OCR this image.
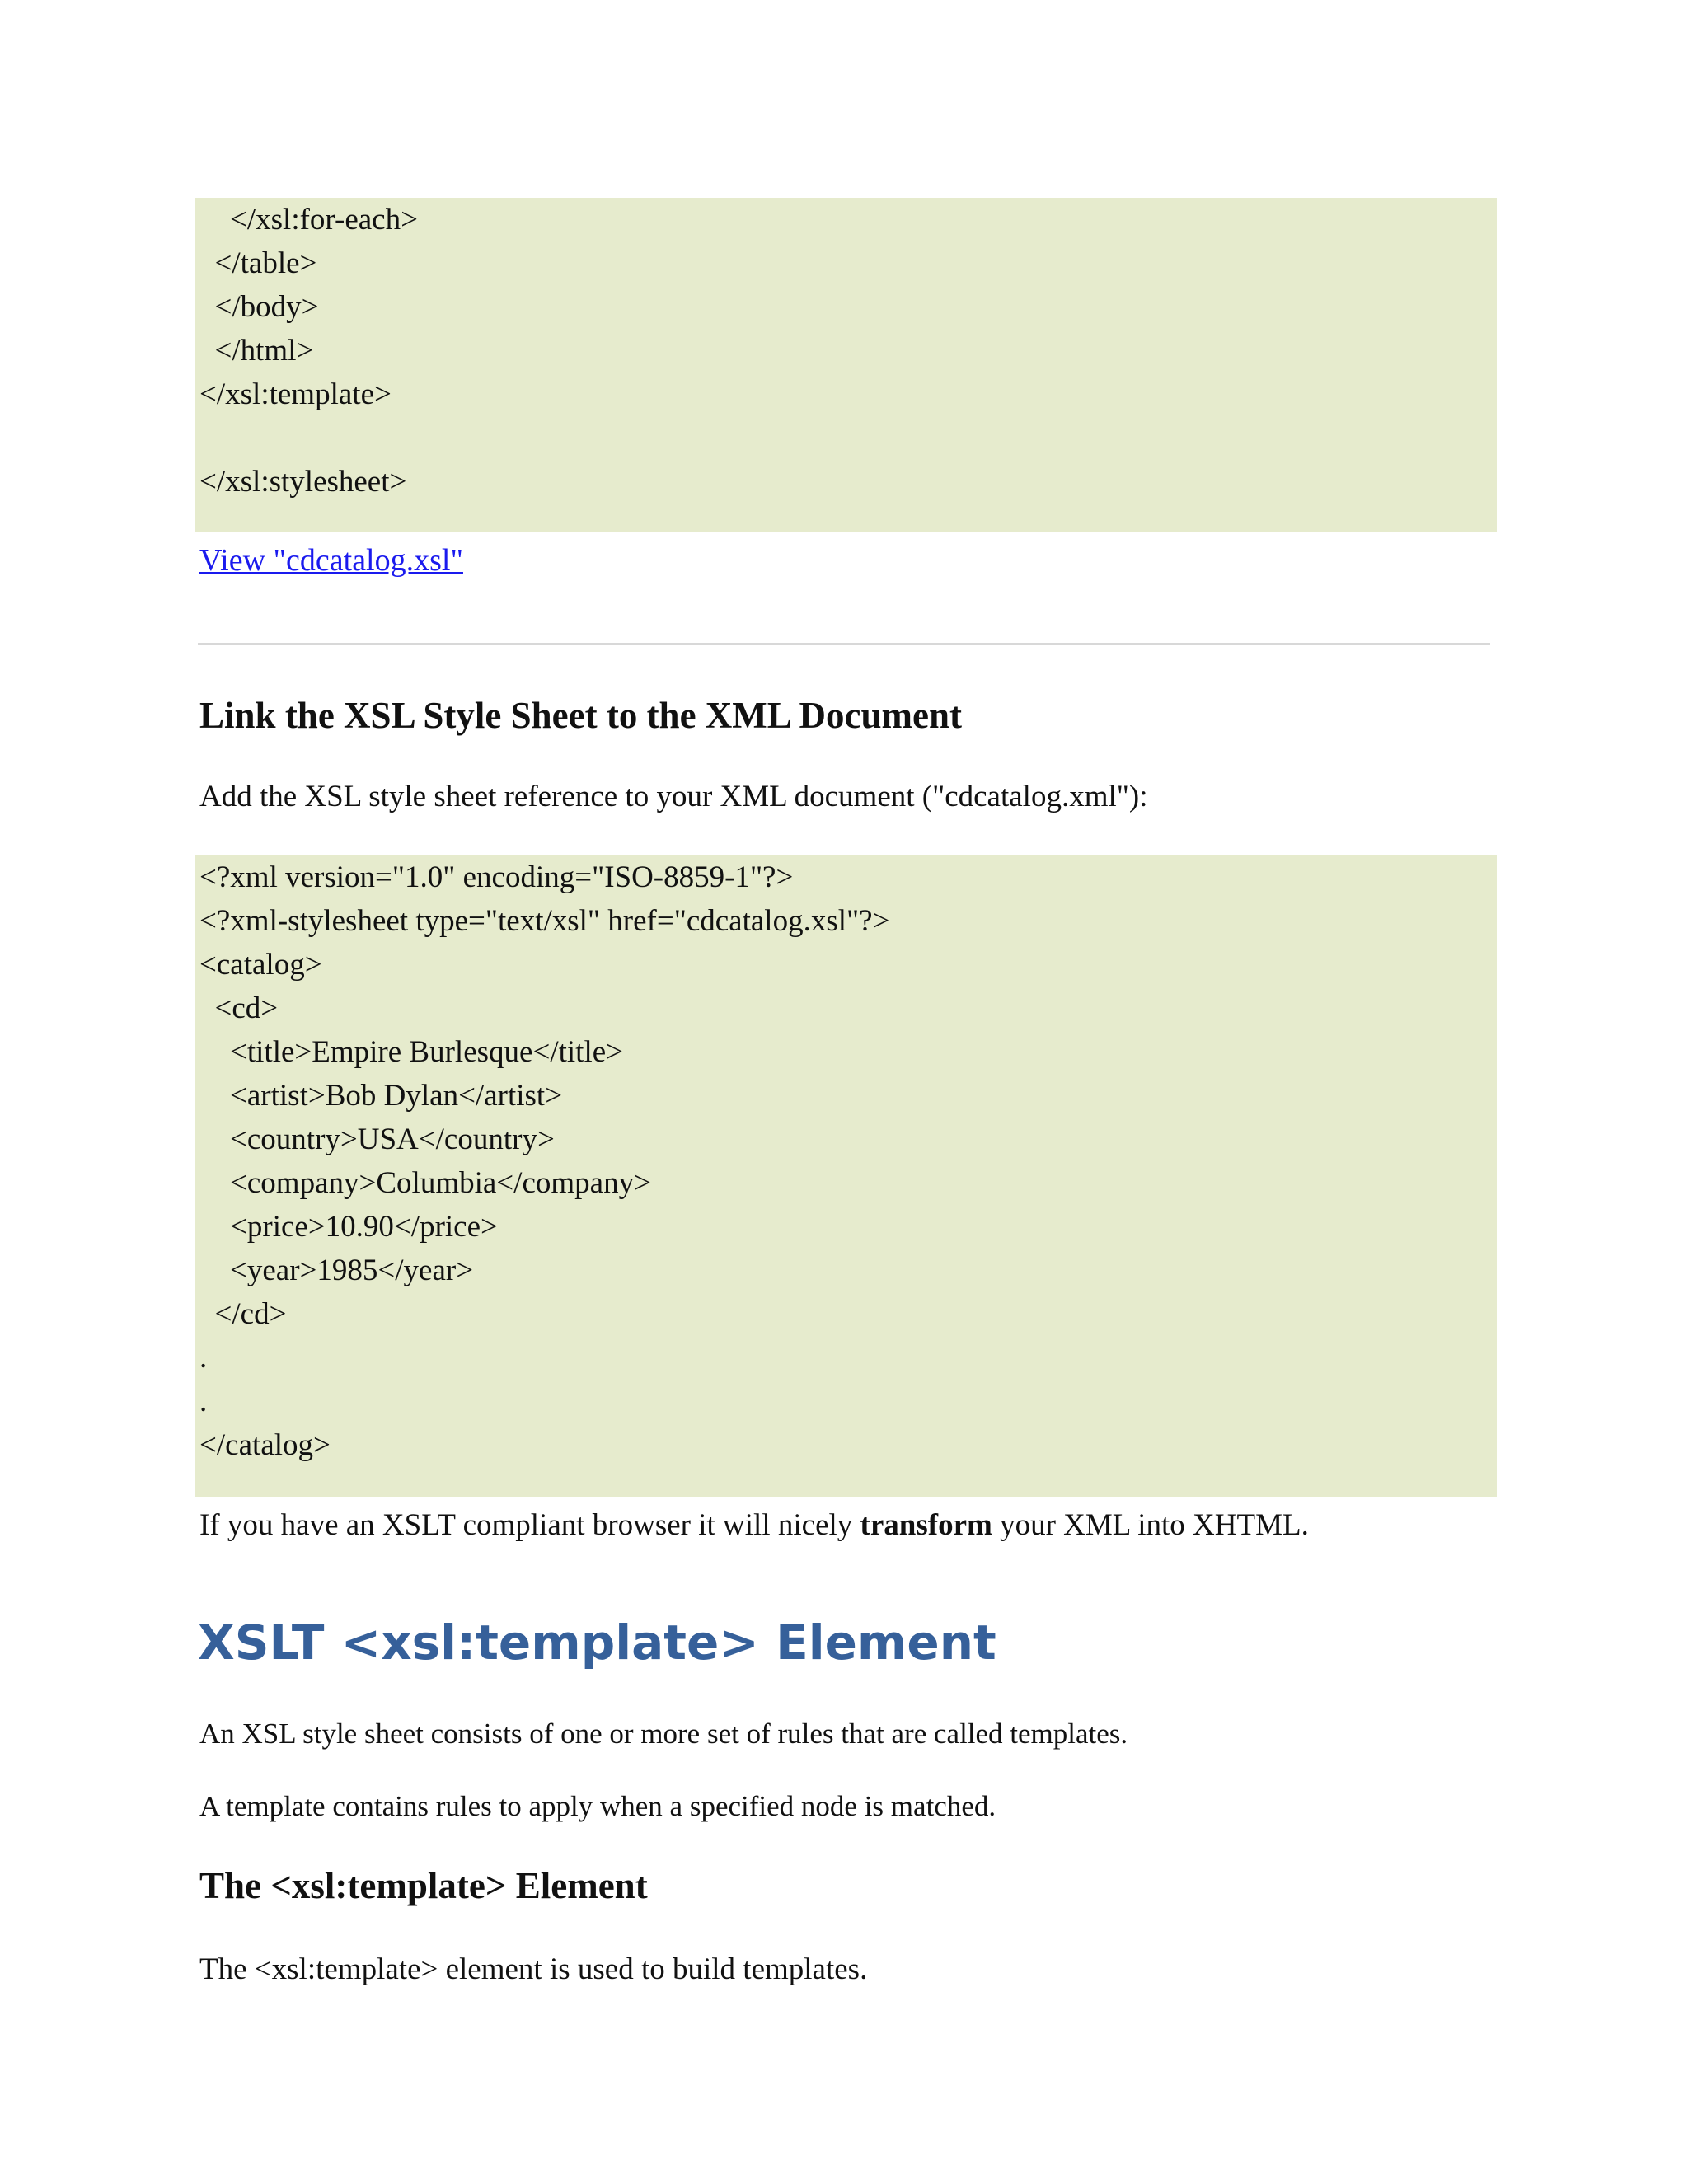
</xsl:for-each>
</table>
</body>
</html>
</xsl:template>
</xsl:stylesheet>
View "cdcatalog.xsl"
Link the XSL Style Sheet to the XML Document
Add the XSL style sheet reference to your XML document ("cdcatalog.xml"):
<?xml version="1.0" encoding="ISO-8859-1"?>
<?xml-stylesheet type="text/xsl" href="cdcatalog.xsl"?>
<catalog>
<cd>
<title>Empire Burlesque</title>
<artist>Bob Dylan</artist>
<country>USA</country>
<company>Columbia</company>
<price>10.90</price>
<year>1985</year>
</cd>
.
.
</catalog>
If you have an XSLT compliant browser it will nicely transform your XML into XHTML.
XSLT <xsl:template> Element
An XSL style sheet consists of one or more set of rules that are called templates.
A template contains rules to apply when a specified node is matched.
The <xsl:template> Element
The <xsl:template> element is used to build templates.
